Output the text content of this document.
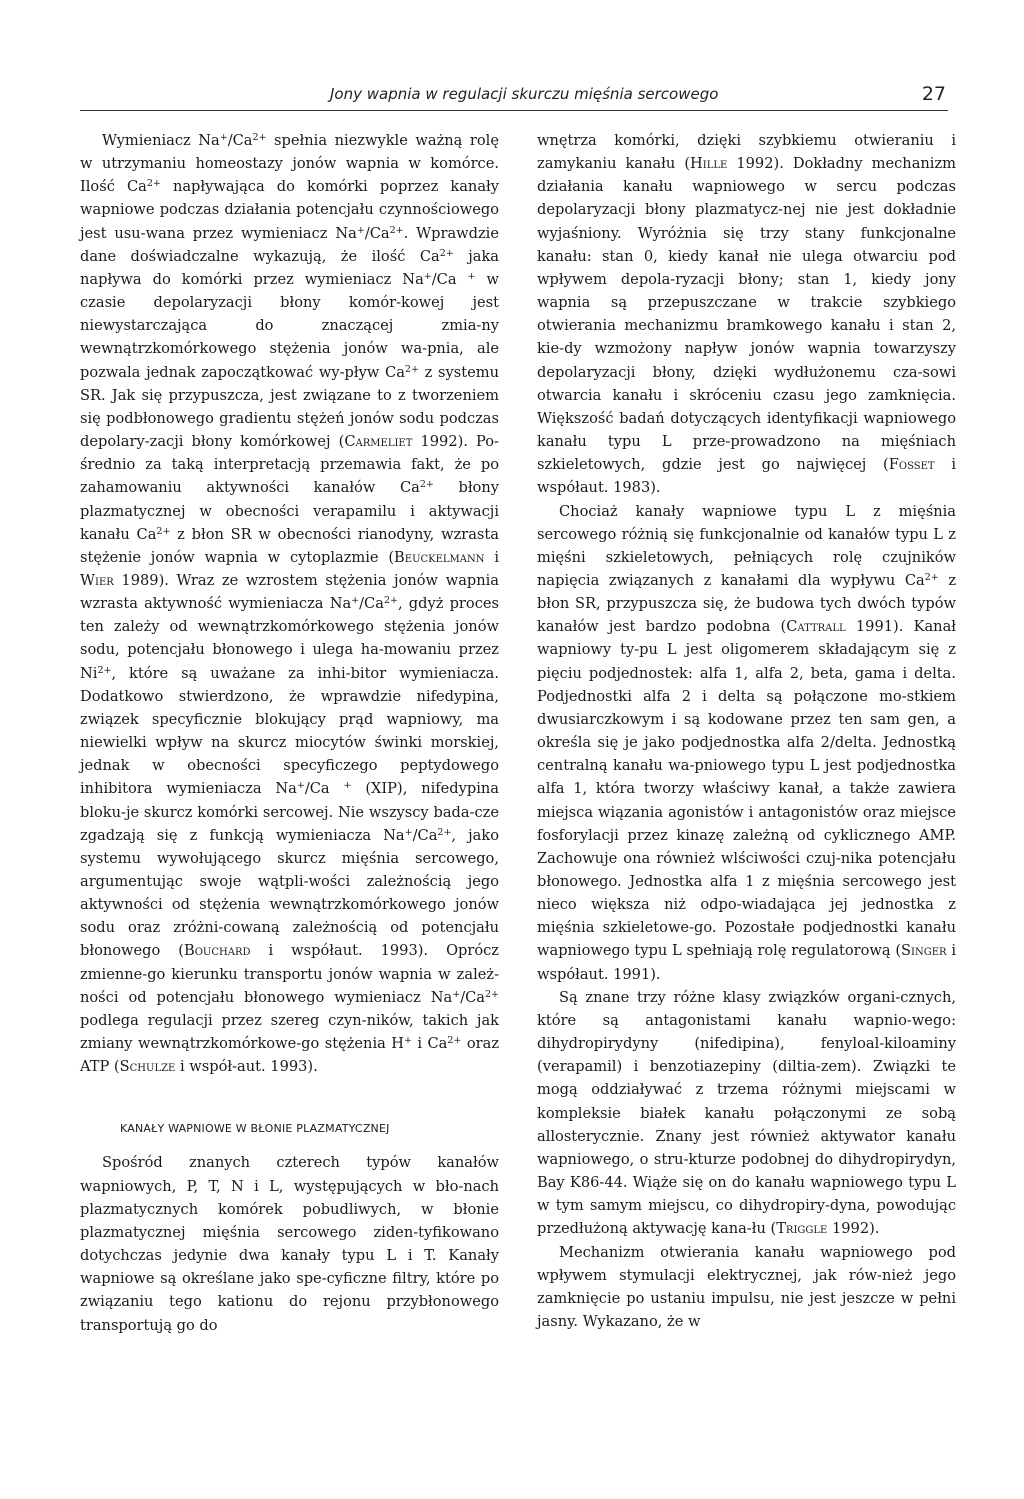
Jony wapnia w regulacji skurczu mięśnia sercowego	27

Wymieniacz $Na^+/Ca^{2+}$ spełnia niezwykle ważną rolę w utrzymaniu homeostazy jonów wapnia w komórce. Ilość $Ca^{2+}$ napływająca do komórki poprzez kanały wapniowe podczas działania potencjału czynnościowego jest usu-wana przez wymieniacz $Na^+/Ca^{2+}$. Wprawdzie dane doświadczalne wykazują, że ilość $Ca^{2+}$ jaka napływa do komórki przez wymieniacz Na+/Ca + w czasie depolaryzacji błony komór-kowej jest niewystarczająca do znaczącej zmia-ny wewnątrzkomórkowego stężenia jonów wa-pnia, ale pozwala jednak zapoczątkować wy-pływ $Ca^{2+}$ z systemu SR. Jak się przypuszcza, jest związane to z tworzeniem się podbłonowego gradientu stężeń jonów sodu podczas depolary-zacji błony komórkowej (Carmeliet 1992). Po-średnio za taką interpretacją przemawia fakt, że po zahamowaniu aktywności kanałów $Ca^{2+}$ błony plazmatycznej w obecności verapamilu i aktywacji kanału $Ca^{2+}$ z błon SR w obecności rianodyny, wzrasta stężenie jonów wapnia w cytoplazmie (Beuckelmann i Wier 1989). Wraz ze wzrostem stężenia jonów wapnia wzrasta aktywność wymieniacza $Na^+/Ca^{2+}$, gdyż proces ten zależy od wewnątrzkomórkowego stężenia jonów sodu, potencjału błonowego i ulega ha-mowaniu przez $Ni^{2+}$, które są uważane za inhi-bitor wymieniacza. Dodatkowo stwierdzono, że wprawdzie nifedypina, związek specyficznie blokujący prąd wapniowy, ma niewielki wpływ na skurcz miocytów świnki morskiej, jednak w obecności specyficzego peptydowego inhibitora wymieniacza Na+/Ca + (XIP), nifedypina bloku-je skurcz komórki sercowej. Nie wszyscy bada-cze zgadzają się z funkcją wymieniacza $Na^+/Ca^{2+}$, jako systemu wywołującego skurcz mięśnia sercowego, argumentując swoje wątpli-wości zależnością jego aktywności od stężenia wewnątrzkomórkowego jonów sodu oraz zróżni-cowaną zależnością od potencjału błonowego (Bouchard i współaut. 1993). Oprócz zmienne-go kierunku transportu jonów wapnia w zależ-ności od potencjału błonowego wymieniacz $Na^+/Ca^{2+}$ podlega regulacji przez szereg czyn-ników, takich jak zmiany wewnątrzkomórkowe-go stężenia H+ i $Ca^{2+}$ oraz ATP (Schulze i współ-aut. 1993).

KANAŁY WAPNIOWE W BŁONIE PLAZMATYCZNEJ

Spośród znanych czterech typów kanałów wapniowych, P, T, N i L, występujących w bło-nach plazmatycznych komórek pobudliwych, w błonie plazmatycznej mięśnia sercowego ziden-tyfikowano dotychczas jedynie dwa kanały typu L i T. Kanały wapniowe są określane jako spe-cyficzne filtry, które po związaniu tego kationu do rejonu przybłonowego transportują go do

wnętrza komórki, dzięki szybkiemu otwieraniu i zamykaniu kanału (Hille 1992). Dokładny mechanizm działania kanału wapniowego w sercu podczas depolaryzacji błony plazmatycz-nej nie jest dokładnie wyjaśniony. Wyróżnia się trzy stany funkcjonalne kanału: stan 0, kiedy kanał nie ulega otwarciu pod wpływem depola-ryzacji błony; stan 1, kiedy jony wapnia są przepuszczane w trakcie szybkiego otwierania mechanizmu bramkowego kanału i stan 2, kie-dy wzmożony napływ jonów wapnia towarzyszy depolaryzacji błony, dzięki wydłużonemu cza-sowi otwarcia kanału i skróceniu czasu jego zamknięcia. Większość badań dotyczących identyfikacji wapniowego kanału typu L prze-prowadzono na mięśniach szkieletowych, gdzie jest go najwięcej (Fosset i współaut. 1983).

Chociaż kanały wapniowe typu L z mięśnia sercowego różnią się funkcjonalnie od kanałów typu L z mięśni szkieletowych, pełniących rolę czujników napięcia związanych z kanałami dla wypływu $Ca^{2+}$ z błon SR, przypuszcza się, że budowa tych dwóch typów kanałów jest bardzo podobna (Cattrall 1991). Kanał wapniowy ty-pu L jest oligomerem składającym się z pięciu podjednostek: alfa 1, alfa 2, beta, gama i delta. Podjednostki alfa 2 i delta są połączone mo-stkiem dwusiarczkowym i są kodowane przez ten sam gen, a określa się je jako podjednostka alfa 2/delta. Jednostką centralną kanału wa-pniowego typu L jest podjednostka alfa 1, która tworzy właściwy kanał, a także zawiera miejsca wiązania agonistów i antagonistów oraz miejsce fosforylacji przez kinazę zależną od cyklicznego AMP. Zachowuje ona również wlściwości czuj-nika potencjału błonowego. Jednostka alfa 1 z mięśnia sercowego jest nieco większa niż odpo-wiadająca jej jednostka z mięśnia szkieletowe-go. Pozostałe podjednostki kanału wapniowego typu L spełniają rolę regulatorową (Singer i współaut. 1991).

Są znane trzy różne klasy związków organi-cznych, które są antagonistami kanału wapnio-wego: dihydropirydyny (nifedipina), fenyloal-kiloaminy (verapamil) i benzotiazepiny (diltia-zem). Związki te mogą oddziaływać z trzema różnymi miejscami w kompleksie białek kanału połączonymi ze sobą allosterycznie. Znany jest również aktywator kanału wapniowego, o stru-kturze podobnej do dihydropirydyn, Bay K86-44. Wiąże się on do kanału wapniowego typu L w tym samym miejscu, co dihydropiry-dyna, powodując przedłużoną aktywację kana-łu (Triggle 1992).

Mechanizm otwierania kanału wapniowego pod wpływem stymulacji elektrycznej, jak rów-nież jego zamknięcie po ustaniu impulsu, nie jest jeszcze w pełni jasny. Wykazano, że w
